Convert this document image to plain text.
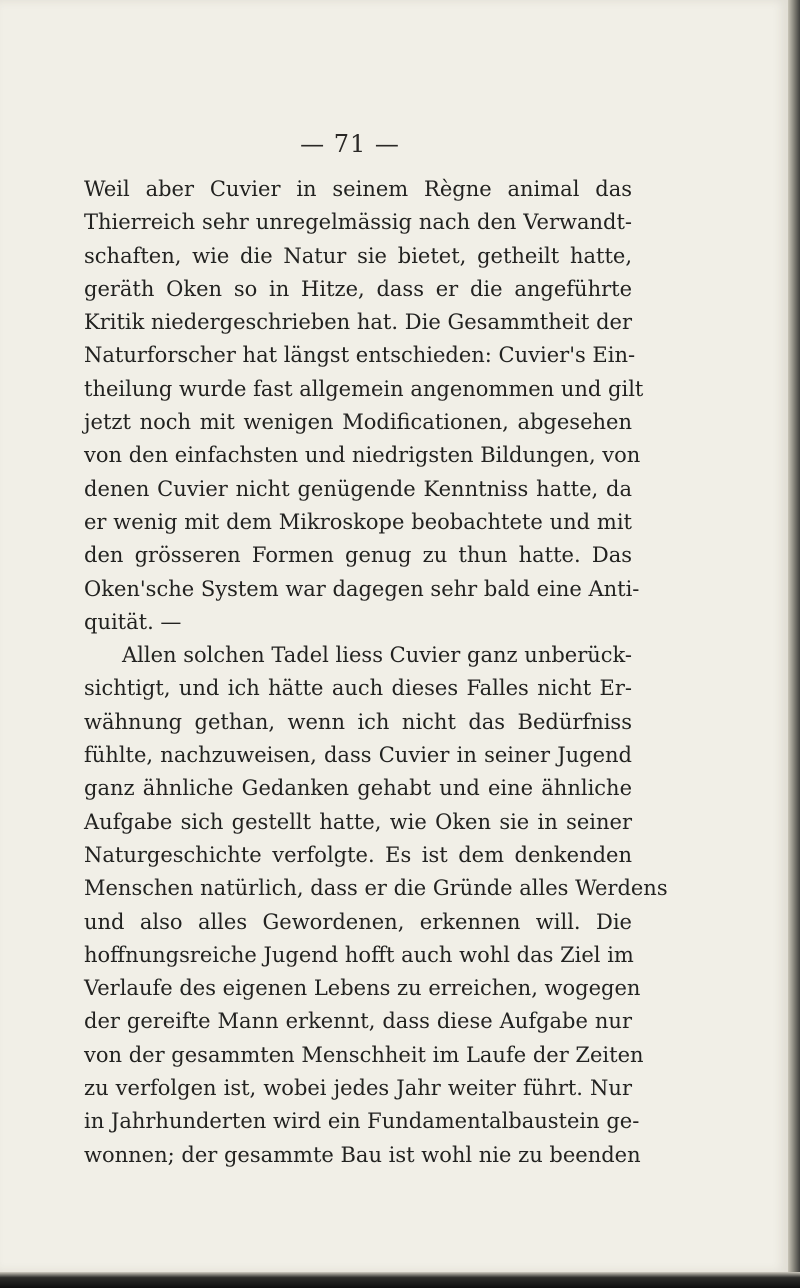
— 71 —
Weil aber Cuvier in seinem Règne animal das
Thierreich sehr unregelmässig nach den Verwandt-
schaften, wie die Natur sie bietet, getheilt hatte,
geräth Oken so in Hitze, dass er die angeführte
Kritik niedergeschrieben hat. Die Gesammtheit der
Naturforscher hat längst entschieden: Cuvier's Ein-
theilung wurde fast allgemein angenommen und gilt
jetzt noch mit wenigen Modificationen, abgesehen
von den einfachsten und niedrigsten Bildungen, von
denen Cuvier nicht genügende Kenntniss hatte, da
er wenig mit dem Mikroskope beobachtete und mit
den grösseren Formen genug zu thun hatte. Das
Oken'sche System war dagegen sehr bald eine Anti-
quität. —
Allen solchen Tadel liess Cuvier ganz unberück-
sichtigt, und ich hätte auch dieses Falles nicht Er-
wähnung gethan, wenn ich nicht das Bedürfniss
fühlte, nachzuweisen, dass Cuvier in seiner Jugend
ganz ähnliche Gedanken gehabt und eine ähnliche
Aufgabe sich gestellt hatte, wie Oken sie in seiner
Naturgeschichte verfolgte. Es ist dem denkenden
Menschen natürlich, dass er die Gründe alles Werdens
und also alles Gewordenen, erkennen will. Die
hoffnungsreiche Jugend hofft auch wohl das Ziel im
Verlaufe des eigenen Lebens zu erreichen, wogegen
der gereifte Mann erkennt, dass diese Aufgabe nur
von der gesammten Menschheit im Laufe der Zeiten
zu verfolgen ist, wobei jedes Jahr weiter führt. Nur
in Jahrhunderten wird ein Fundamentalbaustein ge-
wonnen; der gesammte Bau ist wohl nie zu beenden
